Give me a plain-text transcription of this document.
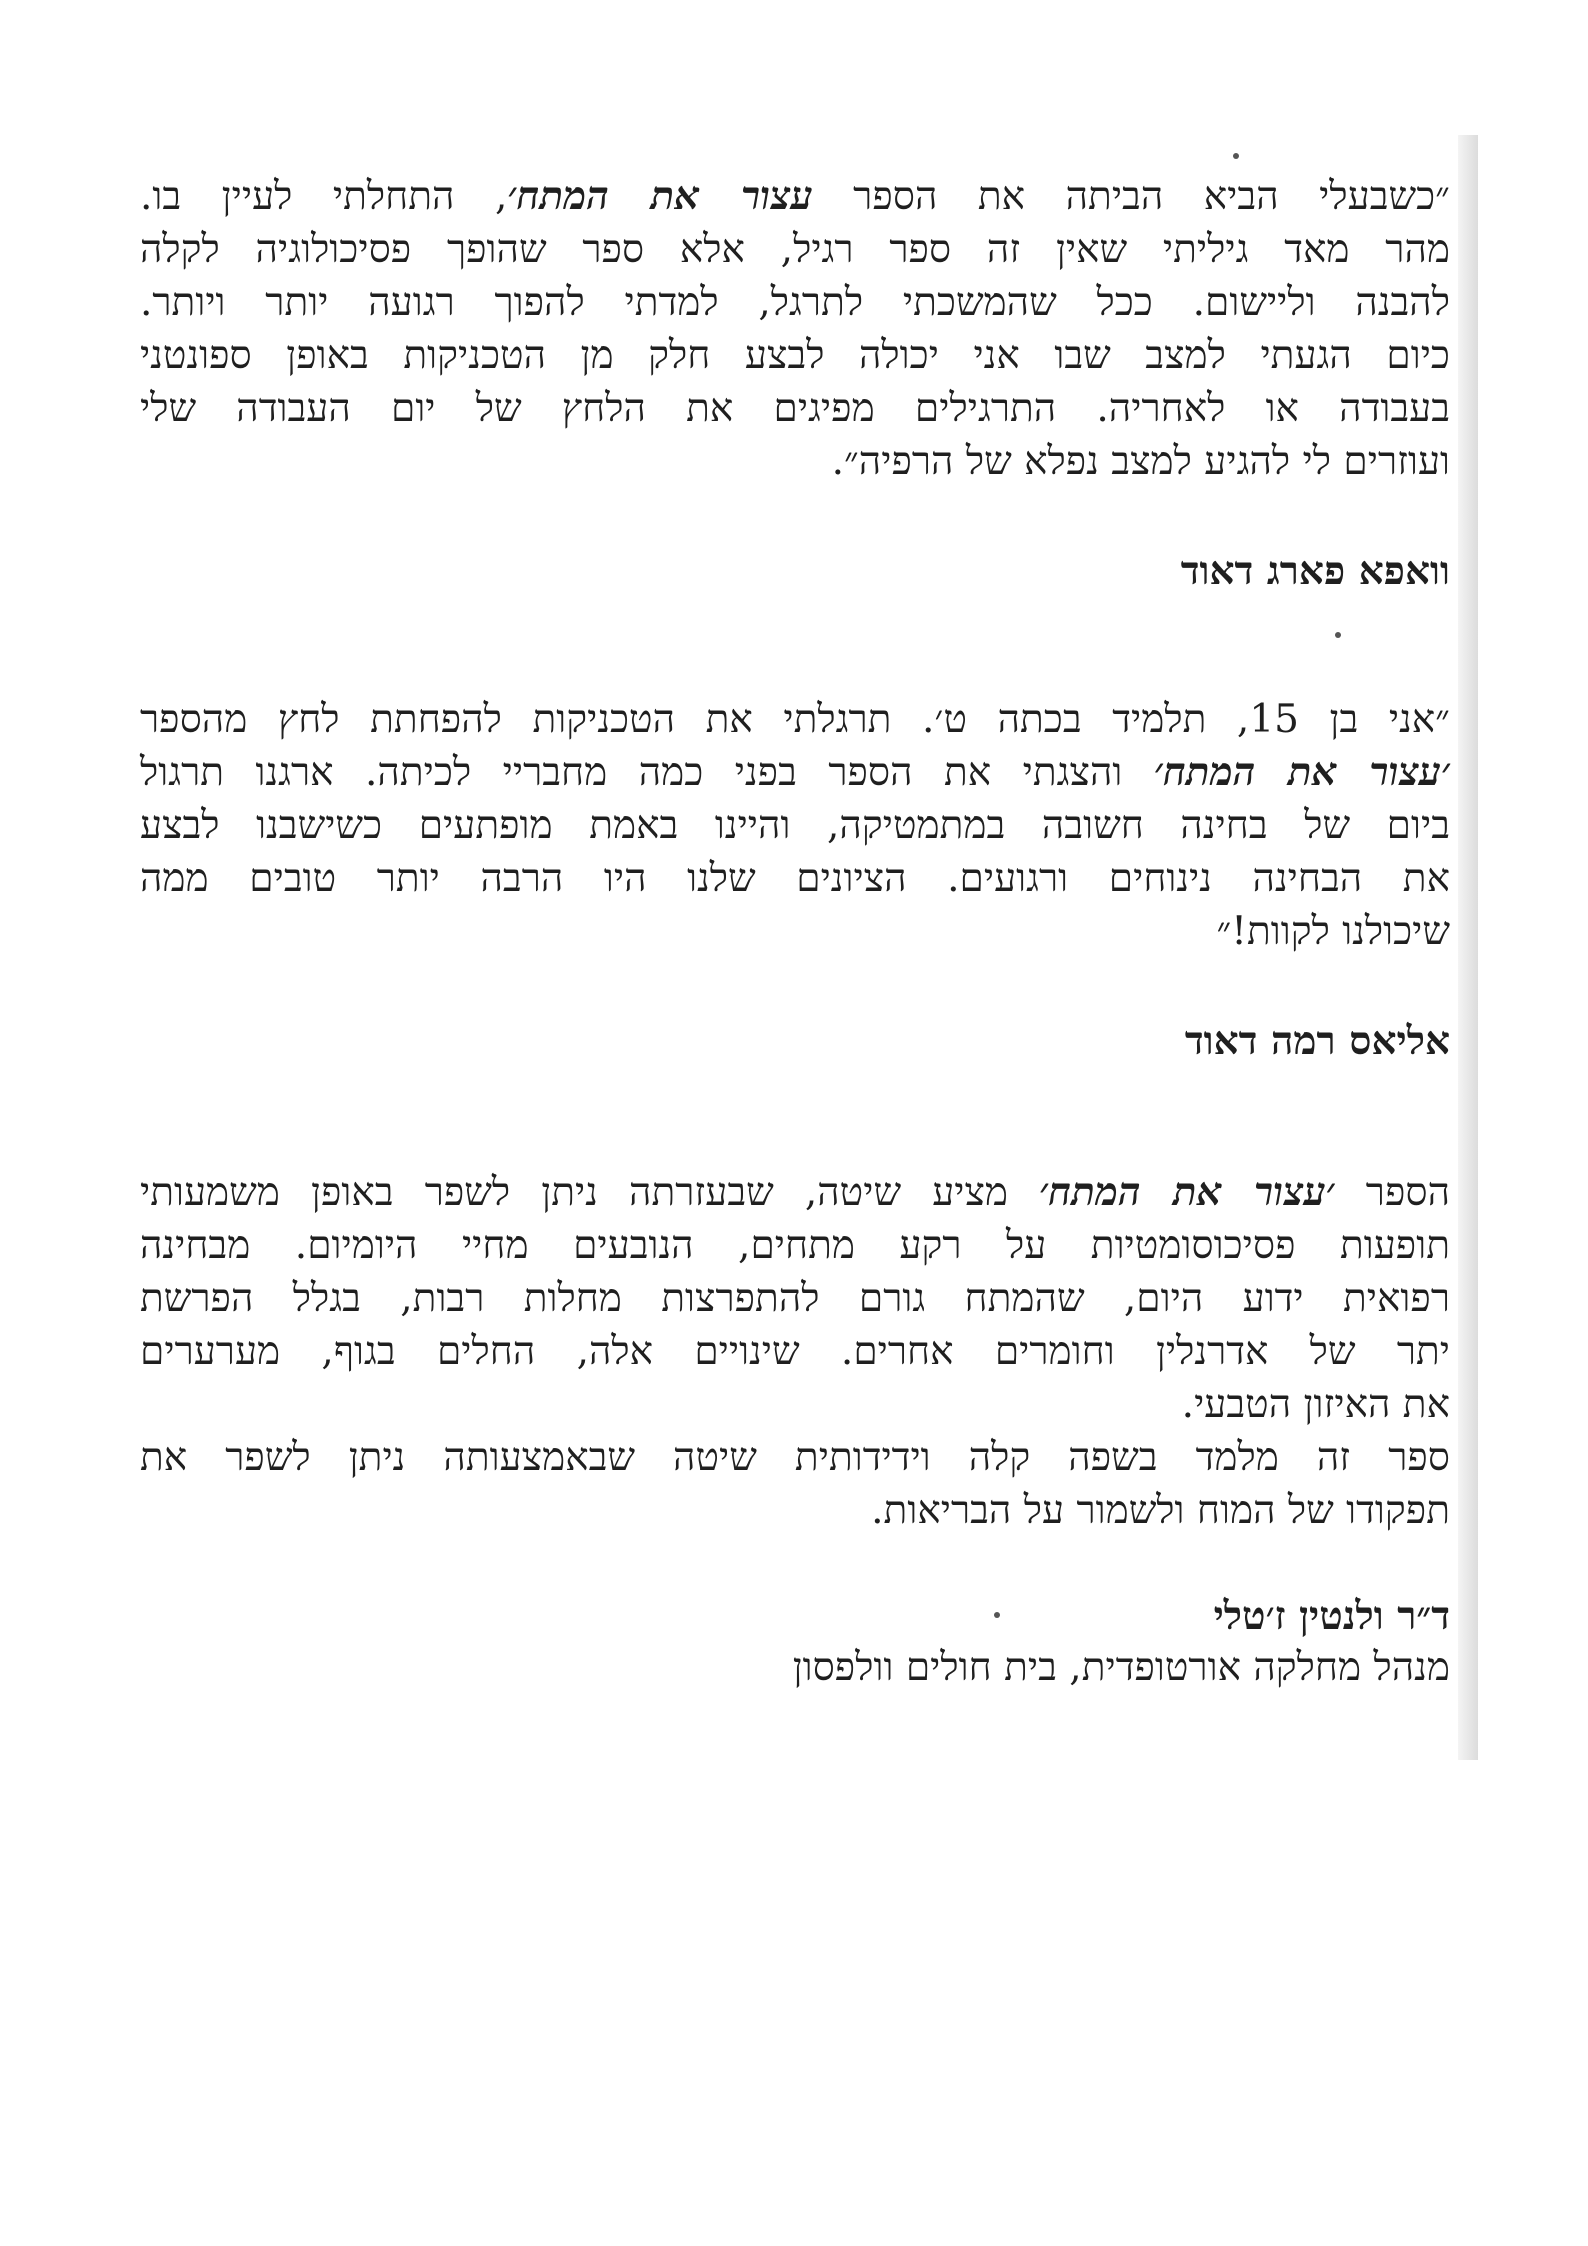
״כשבעלי הביא הביתה את הספר עצור את המתח׳, התחלתי לעיין בו.
מהר מאד גיליתי שאין זה ספר רגיל, אלא ספר שהופך פסיכולוגיה לקלה
להבנה וליישום. ככל שהמשכתי לתרגל, למדתי להפוך רגועה יותר ויותר.
כיום הגעתי למצב שבו אני יכולה לבצע חלק מן הטכניקות באופן ספונטני
בעבודה או לאחריה. התרגילים מפיגים את הלחץ של יום העבודה שלי
ועוזרים לי להגיע למצב נפלא של הרפיה״.

וואפא פארג דאוד

״אני בן 15, תלמיד בכתה ט׳. תרגלתי את הטכניקות להפחתת לחץ מהספר
׳עצור את המתח׳ והצגתי את הספר בפני כמה מחבריי לכיתה. ארגנו תרגול
ביום של בחינה חשובה במתמטיקה, והיינו באמת מופתעים כשישבנו לבצע
את הבחינה נינוחים ורגועים. הציונים שלנו היו הרבה יותר טובים ממה
שיכולנו לקוות!״

אליאס רמה דאוד

הספר ׳עצור את המתח׳ מציע שיטה, שבעזרתה ניתן לשפר באופן משמעותי
תופעות פסיכוסומטיות על רקע מתחים, הנובעים מחיי היומיום. מבחינה
רפואית ידוע היום, שהמתח גורם להתפרצות מחלות רבות, בגלל הפרשת
יתר של אדרנלין וחומרים אחרים. שינויים אלה, החלים בגוף, מערערים
את האיזון הטבעי.

ספר זה מלמד בשפה קלה וידידותית שיטה שבאמצעותה ניתן לשפר את
תפקודו של המוח ולשמור על הבריאות.

ד״ר ולנטין ז׳טלי

מנהל מחלקה אורטופדית, בית חולים וולפסון
